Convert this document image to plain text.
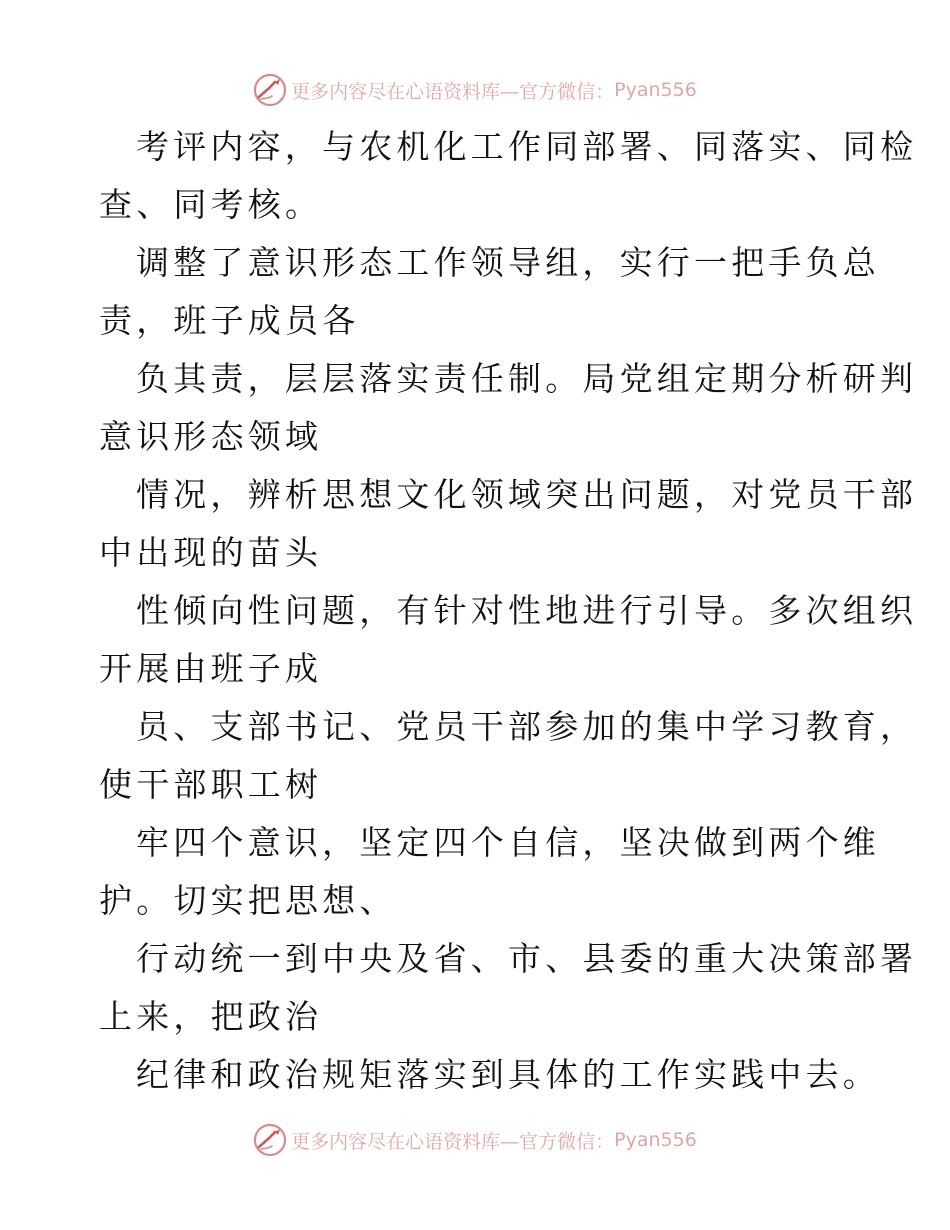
更多内容尽在心语资料库—官方微信： Pyan556
考评内容，与农机化工作同部署、同落实、同检
查、同考核。
调整了意识形态工作领导组，实行一把手负总
责，班子成员各
负其责，层层落实责任制。局党组定期分析研判
意识形态领域
情况，辨析思想文化领域突出问题，对党员干部
中出现的苗头
性倾向性问题，有针对性地进行引导。多次组织
开展由班子成
员、支部书记、党员干部参加的集中学习教育，
使干部职工树
牢四个意识，坚定四个自信，坚决做到两个维
护。切实把思想、
行动统一到中央及省、市、县委的重大决策部署
上来，把政治
纪律和政治规矩落实到具体的工作实践中去。
更多内容尽在心语资料库—官方微信： Pyan556
